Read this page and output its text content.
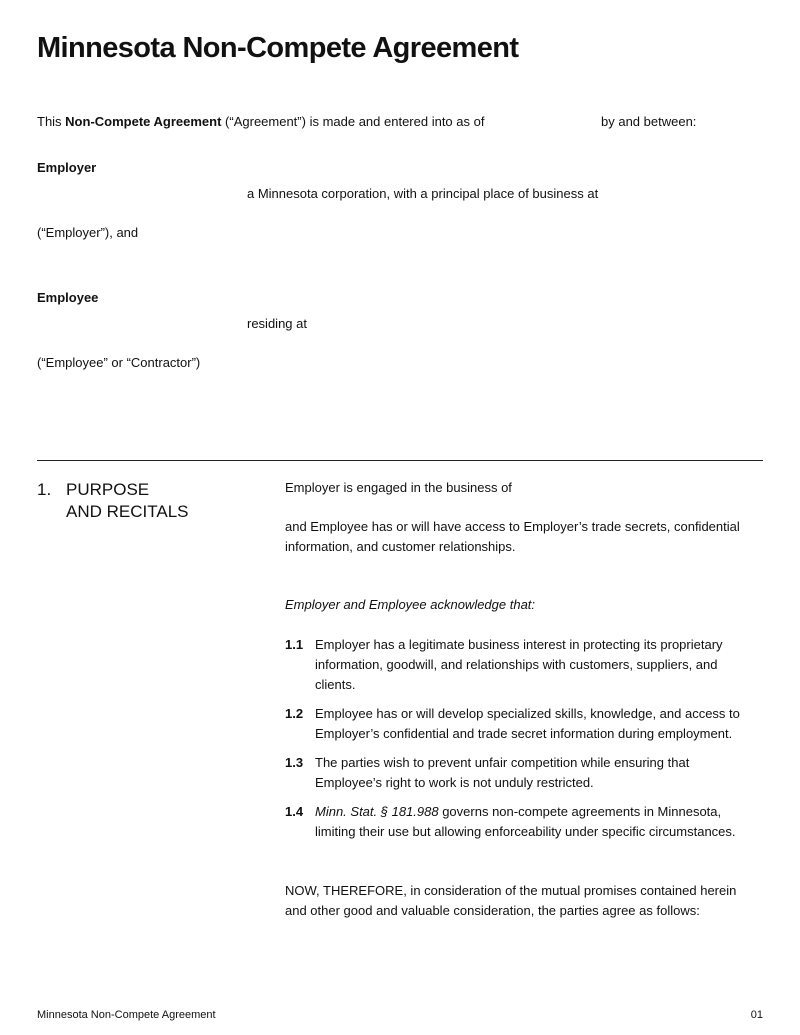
Minnesota Non-Compete Agreement
This Non-Compete Agreement (“Agreement”) is made and entered into as of	by and between:
Employer
a Minnesota corporation, with a principal place of business at
(“Employer”), and
Employee
residing at
(“Employee” or “Contractor”)
1. PURPOSE
AND RECITALS
Employer is engaged in the business of
and Employee has or will have access to Employer’s trade secrets, confidential information, and customer relationships.
Employer and Employee acknowledge that:
1.1 Employer has a legitimate business interest in protecting its proprietary information, goodwill, and relationships with customers, suppliers, and clients.
1.2 Employee has or will develop specialized skills, knowledge, and access to Employer’s confidential and trade secret information during employment.
1.3 The parties wish to prevent unfair competition while ensuring that Employee’s right to work is not unduly restricted.
1.4 Minn. Stat. § 181.988 governs non-compete agreements in Minnesota, limiting their use but allowing enforceability under specific circumstances.
NOW, THEREFORE, in consideration of the mutual promises contained herein and other good and valuable consideration, the parties agree as follows:
Minnesota Non-Compete Agreement	01
